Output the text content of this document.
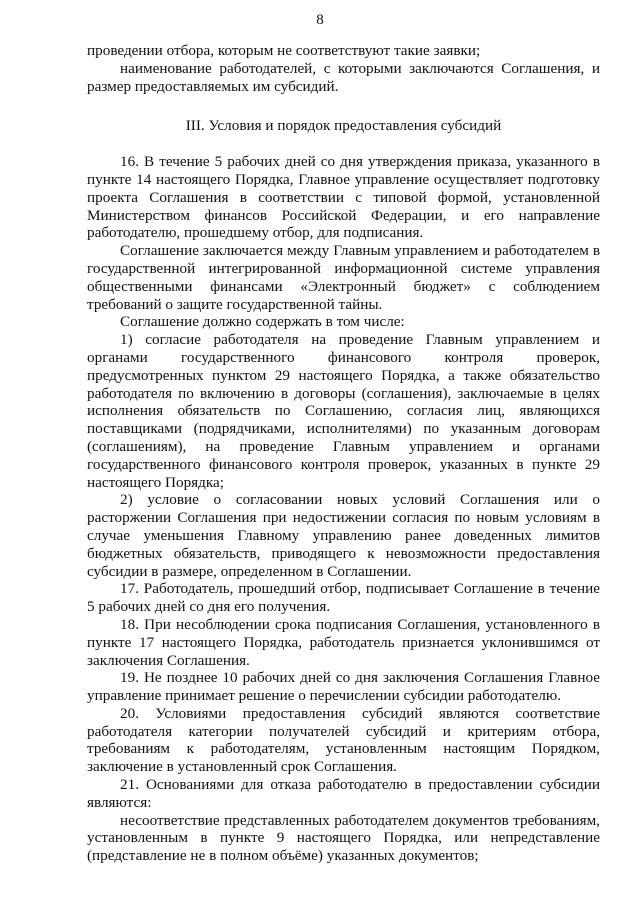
8

проведении отбора, которым не соответствуют такие заявки;

наименование работодателей, с которыми заключаются Соглашения, и размер предоставляемых им субсидий.

III. Условия и порядок предоставления субсидий

16. В течение 5 рабочих дней со дня утверждения приказа, указанного в пункте 14 настоящего Порядка, Главное управление осуществляет подготовку проекта Соглашения в соответствии с типовой формой, установленной Министерством финансов Российской Федерации, и его направление работодателю, прошедшему отбор, для подписания.

Соглашение заключается между Главным управлением и работодателем в государственной интегрированной информационной системе управления общественными финансами «Электронный бюджет» с соблюдением требований о защите государственной тайны.

Соглашение должно содержать в том числе:

1) согласие работодателя на проведение Главным управлением и органами государственного финансового контроля проверок, предусмотренных пунктом 29 настоящего Порядка, а также обязательство работодателя по включению в договоры (соглашения), заключаемые в целях исполнения обязательств по Соглашению, согласия лиц, являющихся поставщиками (подрядчиками, исполнителями) по указанным договорам (соглашениям), на проведение Главным управлением и органами государственного финансового контроля проверок, указанных в пункте 29 настоящего Порядка;

2) условие о согласовании новых условий Соглашения или о расторжении Соглашения при недостижении согласия по новым условиям в случае уменьшения Главному управлению ранее доведенных лимитов бюджетных обязательств, приводящего к невозможности предоставления субсидии в размере, определенном в Соглашении.

17. Работодатель, прошедший отбор, подписывает Соглашение в течение 5 рабочих дней со дня его получения.

18. При несоблюдении срока подписания Соглашения, установленного в пункте 17 настоящего Порядка, работодатель признается уклонившимся от заключения Соглашения.

19. Не позднее 10 рабочих дней со дня заключения Соглашения Главное управление принимает решение о перечислении субсидии работодателю.

20. Условиями предоставления субсидий являются соответствие работодателя категории получателей субсидий и критериям отбора, требованиям к работодателям, установленным настоящим Порядком, заключение в установленный срок Соглашения.

21. Основаниями для отказа работодателю в предоставлении субсидии являются:

несоответствие представленных работодателем документов требованиям, установленным в пункте 9 настоящего Порядка, или непредставление (представление не в полном объёме) указанных документов;
